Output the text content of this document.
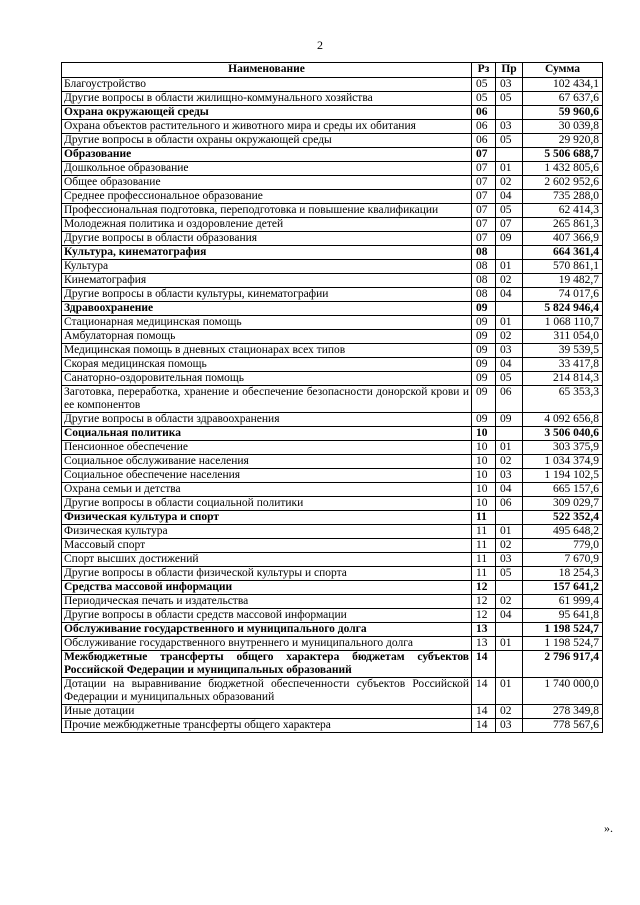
2
Наименование	Рз	Пр	Сумма
Благоустройство	05	03	102 434,1
Другие вопросы в области жилищно-коммунального хозяйства	05	05	67 637,6
Охрана окружающей среды	06		59 960,6
Охрана объектов растительного и животного мира и среды их обитания	06	03	30 039,8
Другие вопросы в области охраны окружающей среды	06	05	29 920,8
Образование	07		5 506 688,7
Дошкольное образование	07	01	1 432 805,6
Общее образование	07	02	2 602 952,6
Среднее профессиональное образование	07	04	735 288,0
Профессиональная подготовка, переподготовка и повышение квалификации	07	05	62 414,3
Молодежная политика и оздоровление детей	07	07	265 861,3
Другие вопросы в области образования	07	09	407 366,9
Культура, кинематография	08		664 361,4
Культура	08	01	570 861,1
Кинематография	08	02	19 482,7
Другие вопросы в области культуры, кинематографии	08	04	74 017,6
Здравоохранение	09		5 824 946,4
Стационарная медицинская помощь	09	01	1 068 110,7
Амбулаторная помощь	09	02	311 054,0
Медицинская помощь в дневных стационарах всех типов	09	03	39 539,5
Скорая медицинская помощь	09	04	33 417,8
Санаторно-оздоровительная помощь	09	05	214 814,3
Заготовка, переработка, хранение и обеспечение безопасности донорской крови и ее компонентов	09	06	65 353,3
Другие вопросы в области здравоохранения	09	09	4 092 656,8
Социальная политика	10		3 506 040,6
Пенсионное обеспечение	10	01	303 375,9
Социальное обслуживание населения	10	02	1 034 374,9
Социальное обеспечение населения	10	03	1 194 102,5
Охрана семьи и детства	10	04	665 157,6
Другие вопросы в области социальной политики	10	06	309 029,7
Физическая культура и спорт	11		522 352,4
Физическая культура	11	01	495 648,2
Массовый спорт	11	02	779,0
Спорт высших достижений	11	03	7 670,9
Другие вопросы в области физической культуры и спорта	11	05	18 254,3
Средства массовой информации	12		157 641,2
Периодическая печать и издательства	12	02	61 999,4
Другие вопросы в области средств массовой информации	12	04	95 641,8
Обслуживание государственного и муниципального долга	13		1 198 524,7
Обслуживание государственного внутреннего и муниципального долга	13	01	1 198 524,7
Межбюджетные трансферты общего характера бюджетам субъектов Российской Федерации и муниципальных образований	14		2 796 917,4
Дотации на выравнивание бюджетной обеспеченности субъектов Российской Федерации и муниципальных образований	14	01	1 740 000,0
Иные дотации	14	02	278 349,8
Прочие межбюджетные трансферты общего характера	14	03	778 567,6
».
